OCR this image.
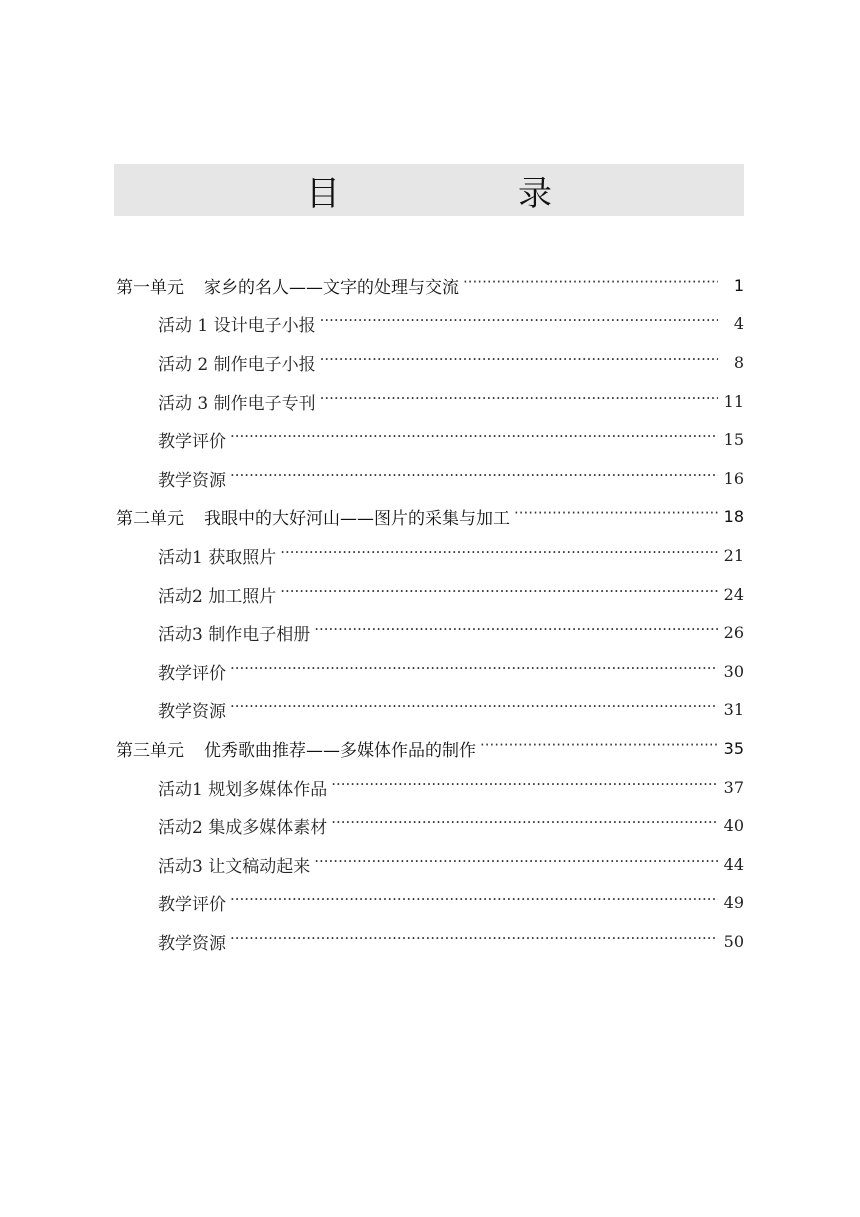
目　录
第一单元 家乡的名人——文字的处理与交流 ·····	1
活动 1 设计电子小报 ·····	4
活动 2 制作电子小报 ·····	8
活动 3 制作电子专刊 ·····	11
教学评价 ·····	15
教学资源 ·····	16
第二单元 我眼中的大好河山——图片的采集与加工 ·····	18
活动1 获取照片 ·····	21
活动2 加工照片 ·····	24
活动3 制作电子相册 ·····	26
教学评价 ·····	30
教学资源 ·····	31
第三单元 优秀歌曲推荐——多媒体作品的制作 ·····	35
活动1 规划多媒体作品 ·····	37
活动2 集成多媒体素材 ·····	40
活动3 让文稿动起来 ·····	44
教学评价 ·····	49
教学资源 ·····	50
